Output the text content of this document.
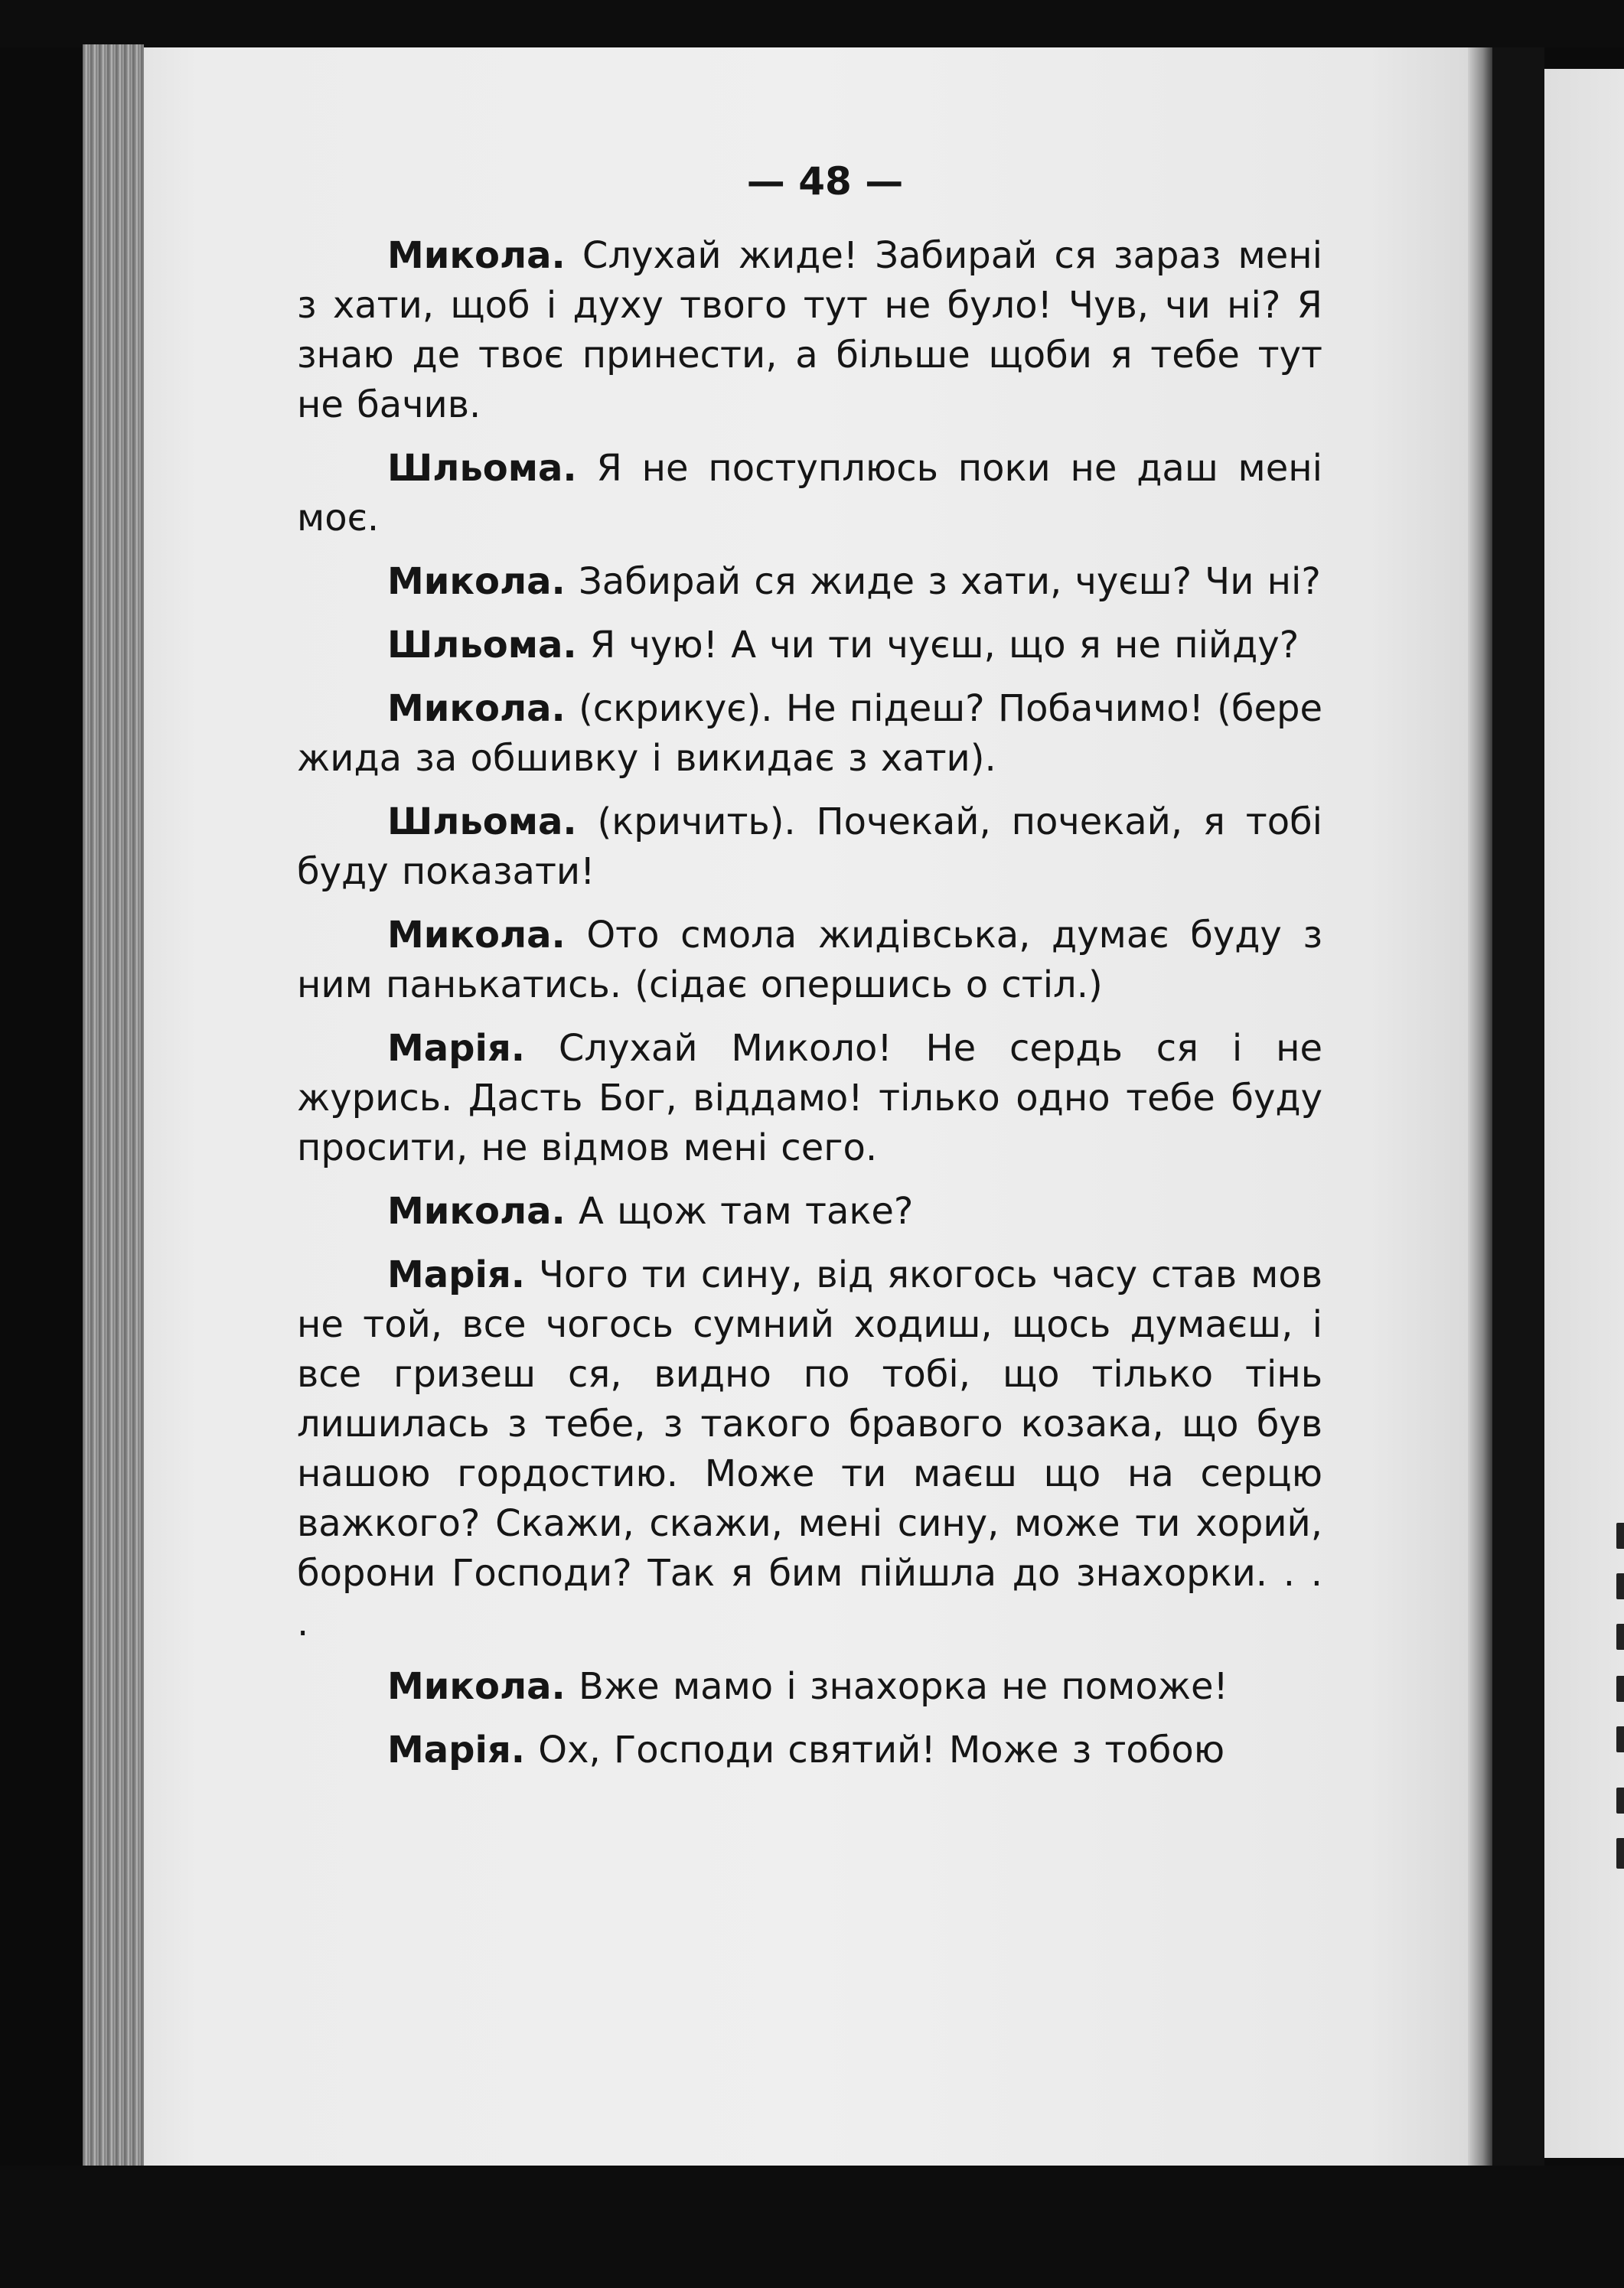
— 48 —

Микола. Слухай жиде! Забирай ся зараз мені з хати, щоб і духу твого тут не було! Чув, чи ні? Я знаю де твоє принести, а більше щоби я тебе тут не бачив.

Шльома. Я не поступлюсь поки не даш мені моє.

Микола. Забирай ся жиде з хати, чуєш? Чи ні?

Шльома. Я чую! А чи ти чуєш, що я не пійду?

Микола. (скрикує). Не підеш? Побачимо! (бере жида за обшивку і викидає з хати).

Шльома. (кричить). Почекай, почекай, я тобі буду показати!

Микола. Ото смола жидівська, думає буду з ним панькатись. (сідає опершись о стіл.)

Марія. Слухай Миколо! Не сердь ся і не журись. Дасть Бог, віддамо! тілько одно тебе буду просити, не відмов мені сего.

Микола. А щож там таке?

Марія. Чого ти сину, від якогось часу став мов не той, все чогось сумний ходиш, щось думаєш, і все гризеш ся, видно по тобі, що тілько тінь лишилась з тебе, з такого бравого козака, що був нашою гордостию. Може ти маєш що на серцю важкого? Скажи, скажи, мені сину, може ти хорий, борони Господи? Так я бим пійшла до знахорки. . . .

Микола. Вже мамо і знахорка не поможе!

Марія. Ох, Господи святий! Може з тобою
